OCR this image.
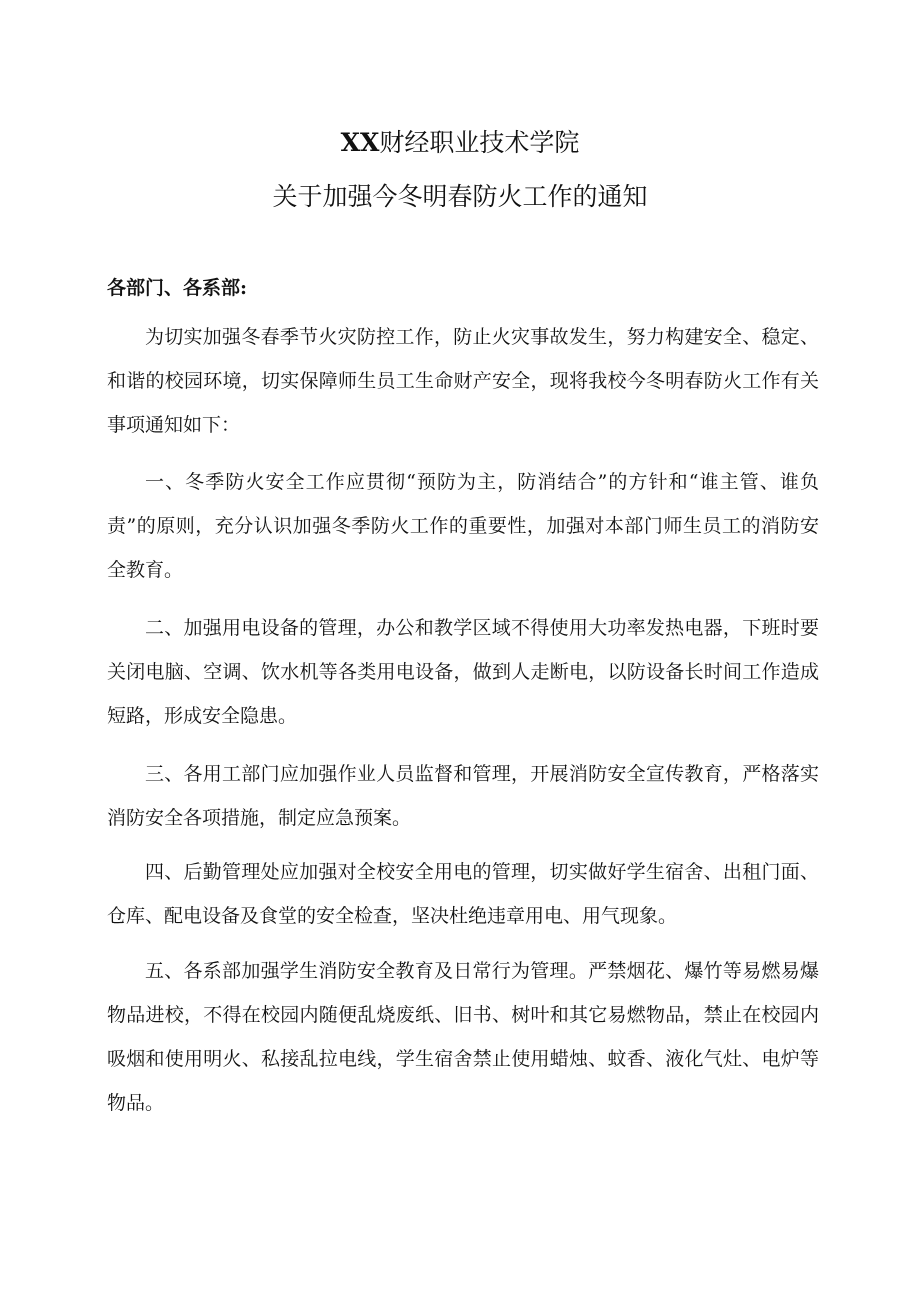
XX财经职业技术学院
关于加强今冬明春防火工作的通知
各部门、各系部:

为切实加强冬春季节火灾防控工作，防止火灾事故发生，努力构建安全、稳定、和谐的校园环境，切实保障师生员工生命财产安全，现将我校今冬明春防火工作有关事项通知如下：

一、冬季防火安全工作应贯彻“预防为主，防消结合”的方针和“谁主管、谁负责”的原则，充分认识加强冬季防火工作的重要性，加强对本部门师生员工的消防安全教育。

二、加强用电设备的管理，办公和教学区域不得使用大功率发热电器，下班时要关闭电脑、空调、饮水机等各类用电设备，做到人走断电，以防设备长时间工作造成短路，形成安全隐患。

三、各用工部门应加强作业人员监督和管理，开展消防安全宣传教育，严格落实消防安全各项措施，制定应急预案。

四、后勤管理处应加强对全校安全用电的管理，切实做好学生宿舍、出租门面、仓库、配电设备及食堂的安全检查，坚决杜绝违章用电、用气现象。

五、各系部加强学生消防安全教育及日常行为管理。严禁烟花、爆竹等易燃易爆物品进校，不得在校园内随便乱烧废纸、旧书、树叶和其它易燃物品，禁止在校园内吸烟和使用明火、私接乱拉电线，学生宿舍禁止使用蜡烛、蚊香、液化气灶、电炉等物品。
